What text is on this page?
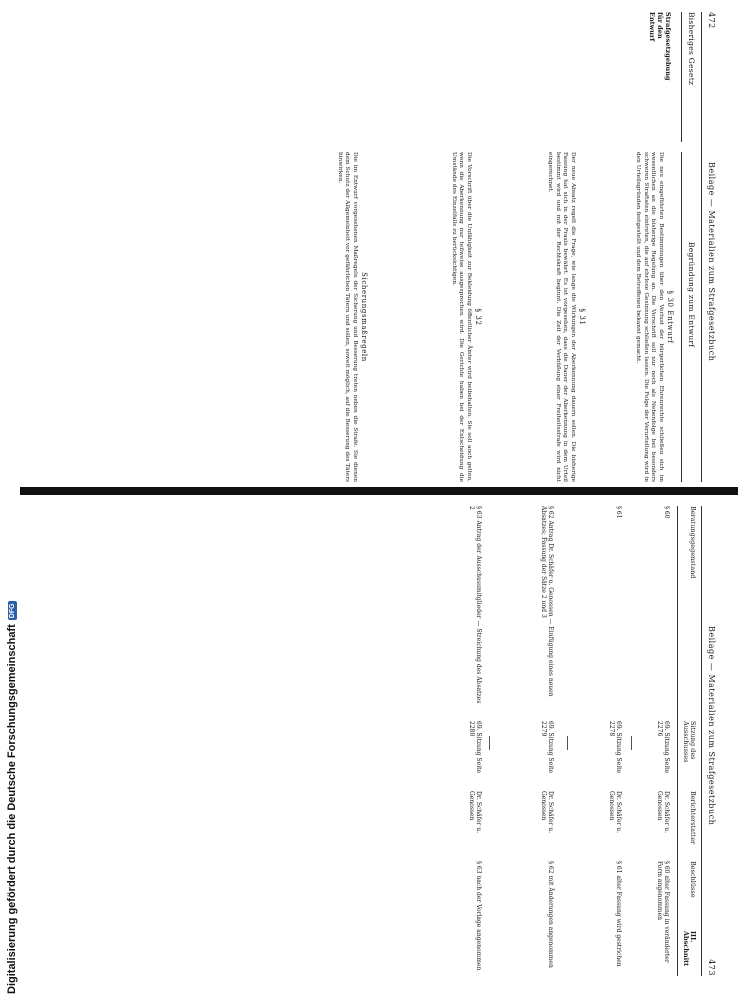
472
Beilage — Materialien zum Strafgesetzbuch
Bisheriges Gesetz
Begründung zum Entwurf
Strafgesetzgebung für den Entwurf
§ 30 Entwurf
Die neu eingeführten Bestimmungen über den Verlust der bürgerlichen Ehrenrechte schließen sich im wesentlichen an die bisherige Regelung an. Die Vorschrift soll nur noch als Nebenfolge bei besonders schweren Straftaten eintreten, die auf ehrlose Gesinnung schließen lassen. Die Folge der Verurteilung wird in den Urteilsgründen festgestellt und dem Betroffenen bekannt gemacht.
§ 31
Der neue Absatz regelt die Frage, wie lange die Wirkungen der Aberkennung dauern sollen. Die bisherige Fassung hat sich in der Praxis bewährt. Es ist vorgesehen, dass die Dauer der Aberkennung in dem Urteil bestimmt wird und mit der Rechtskraft beginnt. Die Zeit der Verbüßung einer Freiheitsstrafe wird nicht eingerechnet.
§ 32
Die Vorschrift über die Unfähigkeit zur Bekleidung öffentlicher Ämter wird beibehalten. Sie soll auch gelten, wenn die Aberkennung nur teilweise ausgesprochen wird. Die Gerichte haben bei der Entscheidung die Umstände des Einzelfalls zu berücksichtigen.
Sicherungsmaßregeln
Die im Entwurf vorgesehenen Maßregeln der Sicherung und Besserung treten neben die Strafe. Sie dienen dem Schutz der Allgemeinheit vor gefährlichen Tätern und sollen, soweit möglich, auf die Besserung des Täters hinwirken.
Beilage — Materialien zum Strafgesetzbuch
473
Beratungsgegenstand
Sitzung des Ausschusses
Berichterstatter
Beschlüsse
III. Abschnitt
§ 60
69. Sitzung Seite 2276
Dr. Schäfer u. Genossen
§ 60 alter Fassung in veränderter Form angenommen
§ 61
69. Sitzung Seite 2278
Dr. Schäfer u. Genossen
§ 61 alter Fassung wird gestrichen
§ 62 Antrag Dr. Schäfer u. Genossen — Einfügung eines neuen Absatzes; Fassung der Sätze 2 und 3
69. Sitzung Seite 2279
Dr. Schäfer u. Genossen
§ 62 mit Änderungen angenommen
§ 63 Antrag der Ausschussmitglieder — Streichung des Absatzes 2
69. Sitzung Seite 2280
Dr. Schäfer u. Genossen
§ 63 nach der Vorlage angenommen
Digitalisierung gefördert durch die Deutsche Forschungsgemeinschaft
DFG
